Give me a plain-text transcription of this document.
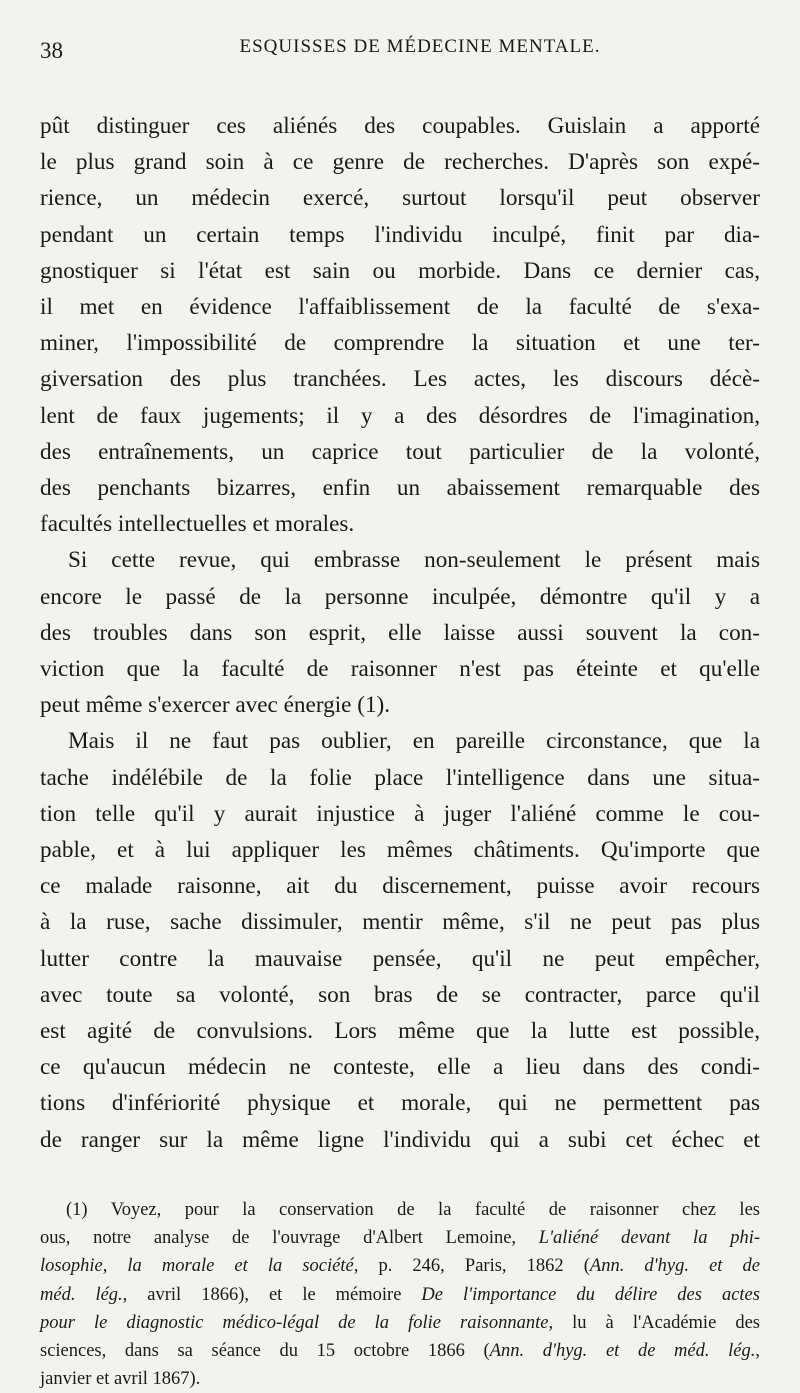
38	ESQUISSES DE MÉDECINE MENTALE.

pût distinguer ces aliénés des coupables. Guislain a apporté
le plus grand soin à ce genre de recherches. D'après son expé-
rience, un médecin exercé, surtout lorsqu'il peut observer
pendant un certain temps l'individu inculpé, finit par dia-
gnostiquer si l'état est sain ou morbide. Dans ce dernier cas,
il met en évidence l'affaiblissement de la faculté de s'exa-
miner, l'impossibilité de comprendre la situation et une ter-
giversation des plus tranchées. Les actes, les discours décè-
lent de faux jugements; il y a des désordres de l'imagination,
des entraînements, un caprice tout particulier de la volonté,
des penchants bizarres, enfin un abaissement remarquable des
facultés intellectuelles et morales.

Si cette revue, qui embrasse non-seulement le présent mais
encore le passé de la personne inculpée, démontre qu'il y a
des troubles dans son esprit, elle laisse aussi souvent la con-
viction que la faculté de raisonner n'est pas éteinte et qu'elle
peut même s'exercer avec énergie (1).

Mais il ne faut pas oublier, en pareille circonstance, que la
tache indélébile de la folie place l'intelligence dans une situa-
tion telle qu'il y aurait injustice à juger l'aliéné comme le cou-
pable, et à lui appliquer les mêmes châtiments. Qu'importe que
ce malade raisonne, ait du discernement, puisse avoir recours
à la ruse, sache dissimuler, mentir même, s'il ne peut pas plus
lutter contre la mauvaise pensée, qu'il ne peut empêcher,
avec toute sa volonté, son bras de se contracter, parce qu'il
est agité de convulsions. Lors même que la lutte est possible,
ce qu'aucun médecin ne conteste, elle a lieu dans des condi-
tions d'infériorité physique et morale, qui ne permettent pas
de ranger sur la même ligne l'individu qui a subi cet échec et

(1) Voyez, pour la conservation de la faculté de raisonner chez les
ous, notre analyse de l'ouvrage d'Albert Lemoine, L'aliéné devant la phi-
losophie, la morale et la société, p. 246, Paris, 1862 (Ann. d'hyg. et de
méd. lég., avril 1866), et le mémoire De l'importance du délire des actes
pour le diagnostic médico-légal de la folie raisonnante, lu à l'Académie des
sciences, dans sa séance du 15 octobre 1866 (Ann. d'hyg. et de méd. lég.,
janvier et avril 1867).
